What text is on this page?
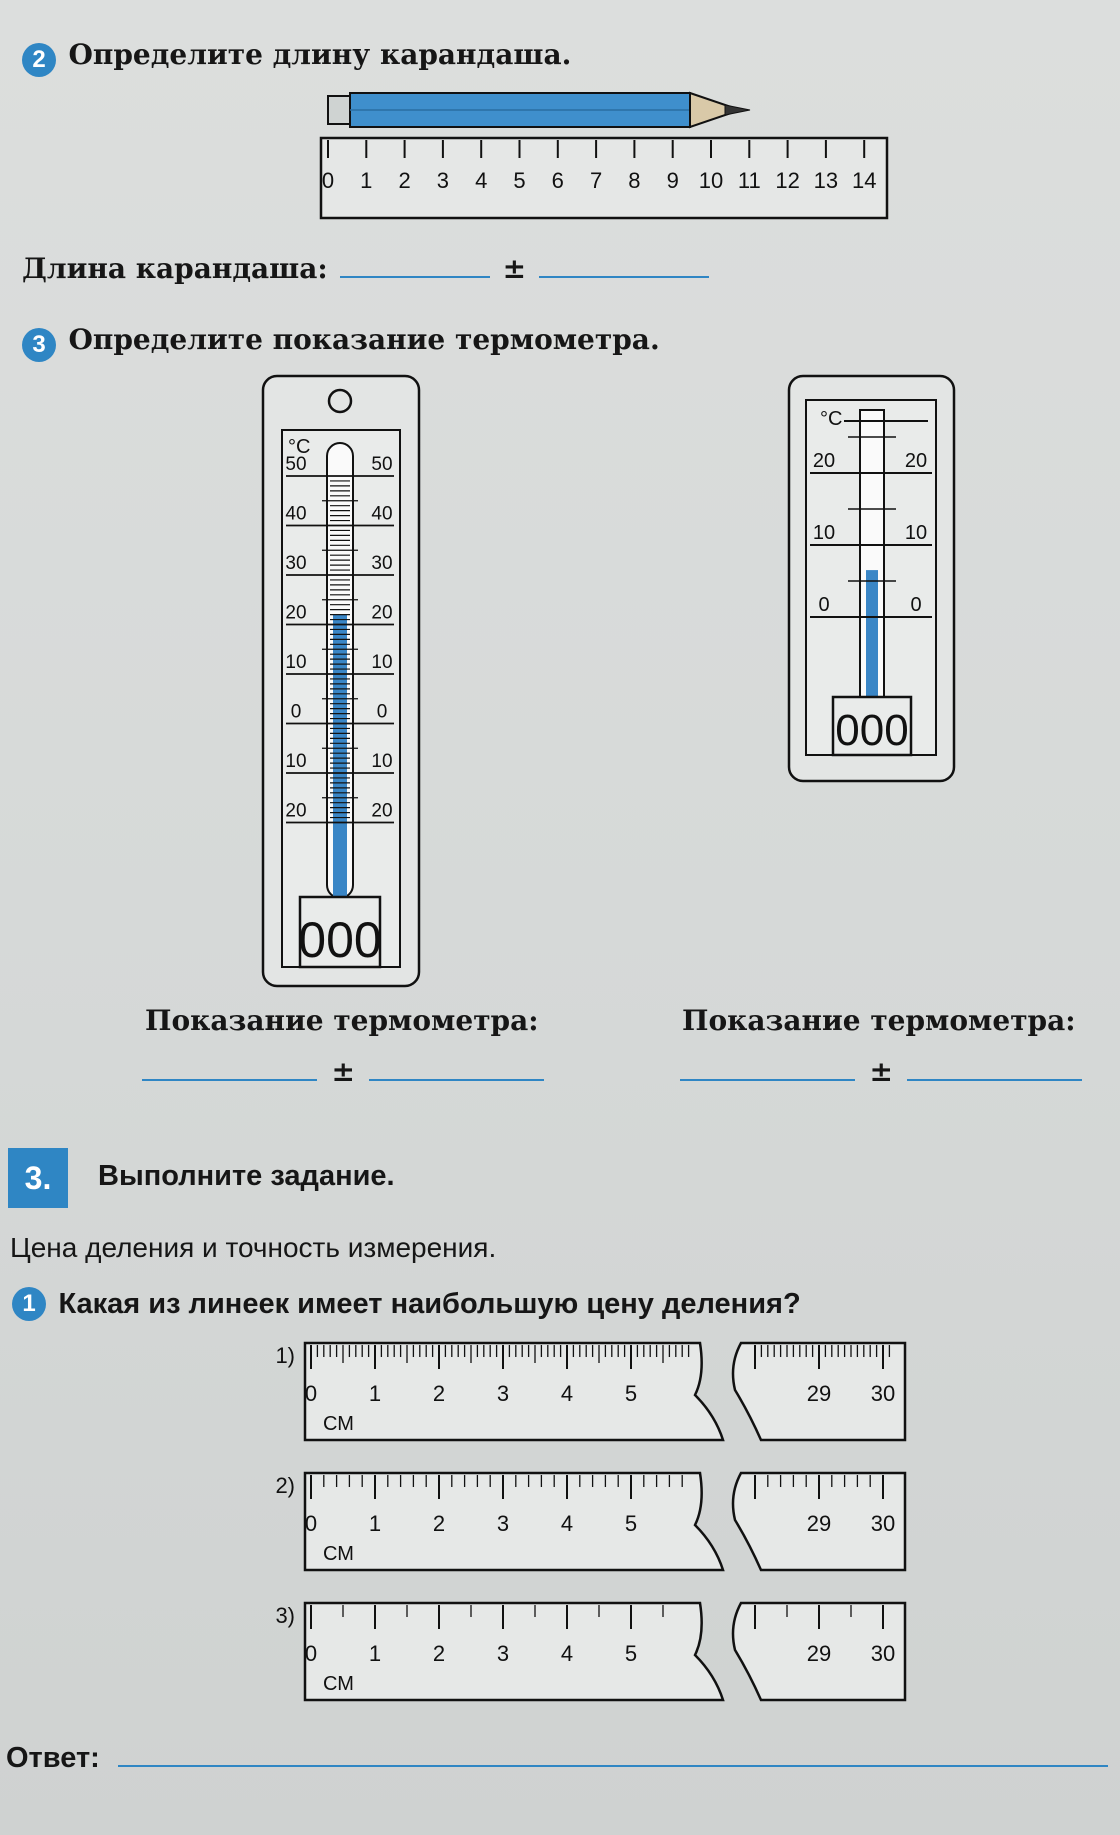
2 Определите длину карандаша.
0 1 2 3 4 5 6 7 8 9 10 11 12 13 14
Длина карандаша:	±
3 Определите показание термометра.
°C
50	50
40	40
30	30
20	20
10	10
0	0
10	10
20	20
000
°C
20	20
10	10
0	0
000
Показание термометра:
±
Показание термометра:
±
3.	Выполните задание.
Цена деления и точность измерения.
1 Какая из линеек имеет наибольшую цену деления?
1)
0 1 2 3 4 5
СМ
29 30
2)
0 1 2 3 4 5
СМ
29 30
3)
0 1 2 3 4 5
СМ
29 30
Ответ:
